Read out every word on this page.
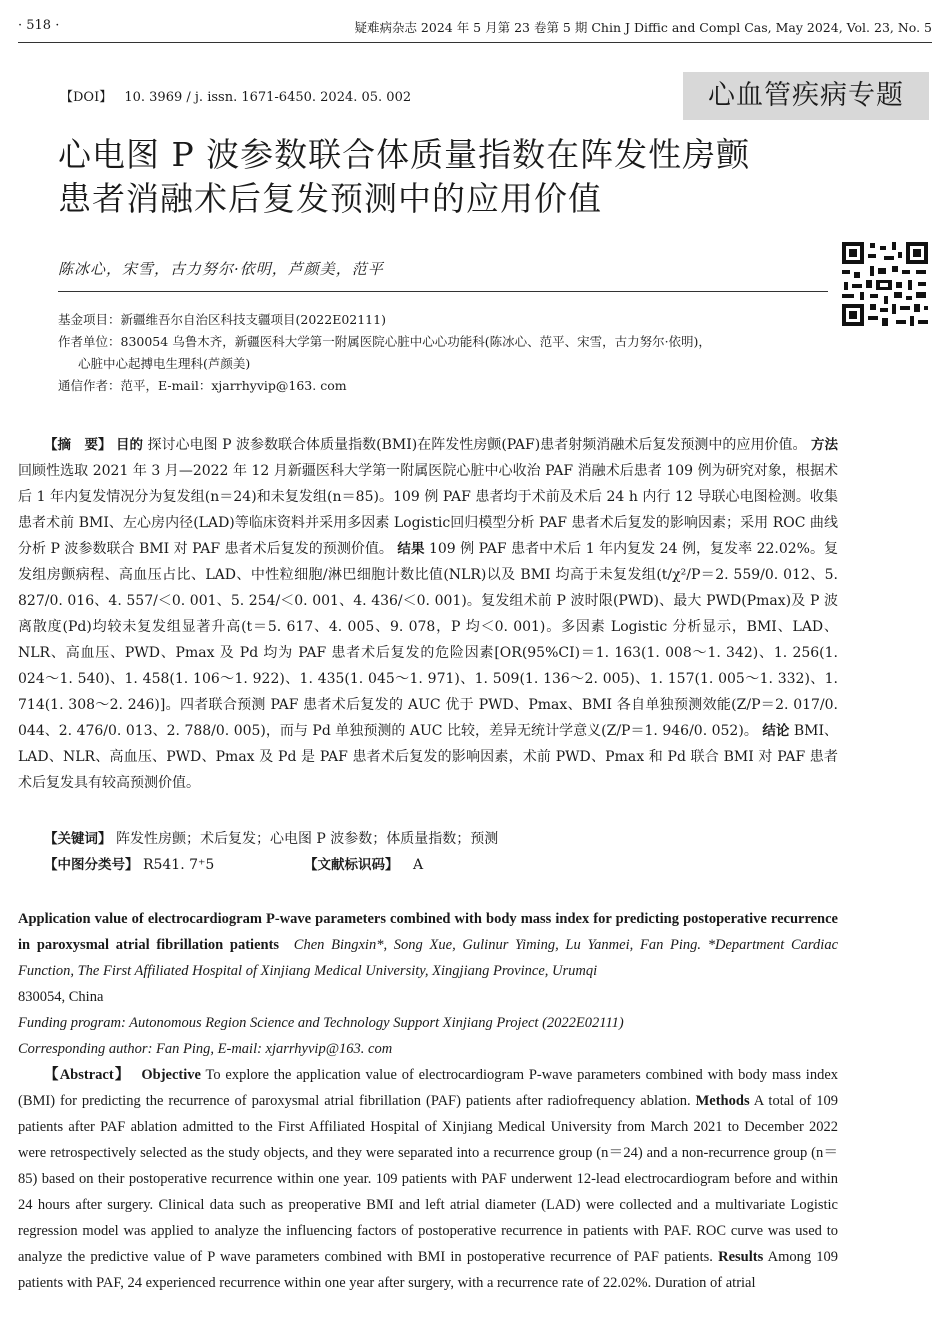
· 518 ·	疑难病杂志 2024 年 5 月第 23 卷第 5 期 Chin J Diffic and Compl Cas, May 2024, Vol. 23, No. 5
【DOI】 10. 3969 / j. issn. 1671-6450. 2024. 05. 002	心血管疾病专题
心电图 P 波参数联合体质量指数在阵发性房颤
患者消融术后复发预测中的应用价值
陈冰心，宋雪，古力努尔·依明，芦颜美，范平
基金项目：新疆维吾尔自治区科技支疆项目(2022E02111)
作者单位：830054 乌鲁木齐，新疆医科大学第一附属医院心脏中心心功能科(陈冰心、范平、宋雪，古力努尔·依明)，
心脏中心起搏电生理科(芦颜美)
通信作者：范平，E-mail：xjarrhyvip@163. com
【摘　要】 目的 探讨心电图 P 波参数联合体质量指数(BMI)在阵发性房颤(PAF)患者射频消融术后复发预测中的应用价值。 方法 回顾性选取 2021 年 3 月—2022 年 12 月新疆医科大学第一附属医院心脏中心收治 PAF 消融术后患者 109 例为研究对象，根据术后 1 年内复发情况分为复发组(n＝24)和未复发组(n＝85)。109 例 PAF 患者均于术前及术后 24 h 内行 12 导联心电图检测。收集患者术前 BMI、左心房内径(LAD)等临床资料并采用多因素 Logistic回归模型分析 PAF 患者术后复发的影响因素；采用 ROC 曲线分析 P 波参数联合 BMI 对 PAF 患者术后复发的预测价值。 结果 109 例 PAF 患者中术后 1 年内复发 24 例，复发率 22.02%。复发组房颤病程、高血压占比、LAD、中性粒细胞/淋巴细胞计数比值(NLR)以及 BMI 均高于未复发组(t/χ²/P＝2. 559/0. 012、5. 827/0. 016、4. 557/＜0. 001、5. 254/＜0. 001、4. 436/＜0. 001)。复发组术前 P 波时限(PWD)、最大 PWD(Pmax)及 P 波离散度(Pd)均较未复发组显著升高(t＝5. 617、4. 005、9. 078，P 均＜0. 001)。多因素 Logistic 分析显示，BMI、LAD、NLR、高血压、PWD、Pmax 及 Pd 均为 PAF 患者术后复发的危险因素[OR(95%CI)＝1. 163(1. 008～1. 342)、1. 256(1. 024～1. 540)、1. 458(1. 106～1. 922)、1. 435(1. 045～1. 971)、1. 509(1. 136～2. 005)、1. 157(1. 005～1. 332)、1. 714(1. 308～2. 246)]。四者联合预测 PAF 患者术后复发的 AUC 优于 PWD、Pmax、BMI 各自单独预测效能(Z/P＝2. 017/0. 044、2. 476/0. 013、2. 788/0. 005)，而与 Pd 单独预测的 AUC 比较，差异无统计学意义(Z/P＝1. 946/0. 052)。 结论 BMI、LAD、NLR、高血压、PWD、Pmax 及 Pd 是 PAF 患者术后复发的影响因素，术前 PWD、Pmax 和 Pd 联合 BMI 对 PAF 患者术后复发具有较高预测价值。
【关键词】 阵发性房颤；术后复发；心电图 P 波参数；体质量指数；预测
【中图分类号】 R541. 7⁺5	【文献标识码】 A
Application value of electrocardiogram P-wave parameters combined with body mass index for predicting postoperative recurrence in paroxysmal atrial fibrillation patients Chen Bingxin*, Song Xue, Gulinur Yiming, Lu Yanmei, Fan Ping. *Department Cardiac Function, The First Affiliated Hospital of Xinjiang Medical University, Xingjiang Province, Urumqi
830054, China
Funding program: Autonomous Region Science and Technology Support Xinjiang Project (2022E02111)
Corresponding author: Fan Ping, E-mail: xjarrhyvip@163. com
【Abstract】 Objective To explore the application value of electrocardiogram P-wave parameters combined with body mass index (BMI) for predicting the recurrence of paroxysmal atrial fibrillation (PAF) patients after radiofrequency ablation. Methods A total of 109 patients after PAF ablation admitted to the First Affiliated Hospital of Xinjiang Medical University from March 2021 to December 2022 were retrospectively selected as the study objects, and they were separated into a recurrence group (n＝24) and a non-recurrence group (n＝85) based on their postoperative recurrence within one year. 109 patients with PAF underwent 12-lead electrocardiogram before and within 24 hours after surgery. Clinical data such as preoperative BMI and left atrial diameter (LAD) were collected and a multivariate Logistic regression model was applied to analyze the influencing factors of postoperative recurrence in patients with PAF. ROC curve was used to analyze the predictive value of P wave parameters combined with BMI in postoperative recurrence of PAF patients. Results Among 109 patients with PAF, 24 experienced recurrence within one year after surgery, with a recurrence rate of 22.02%. Duration of atrial
